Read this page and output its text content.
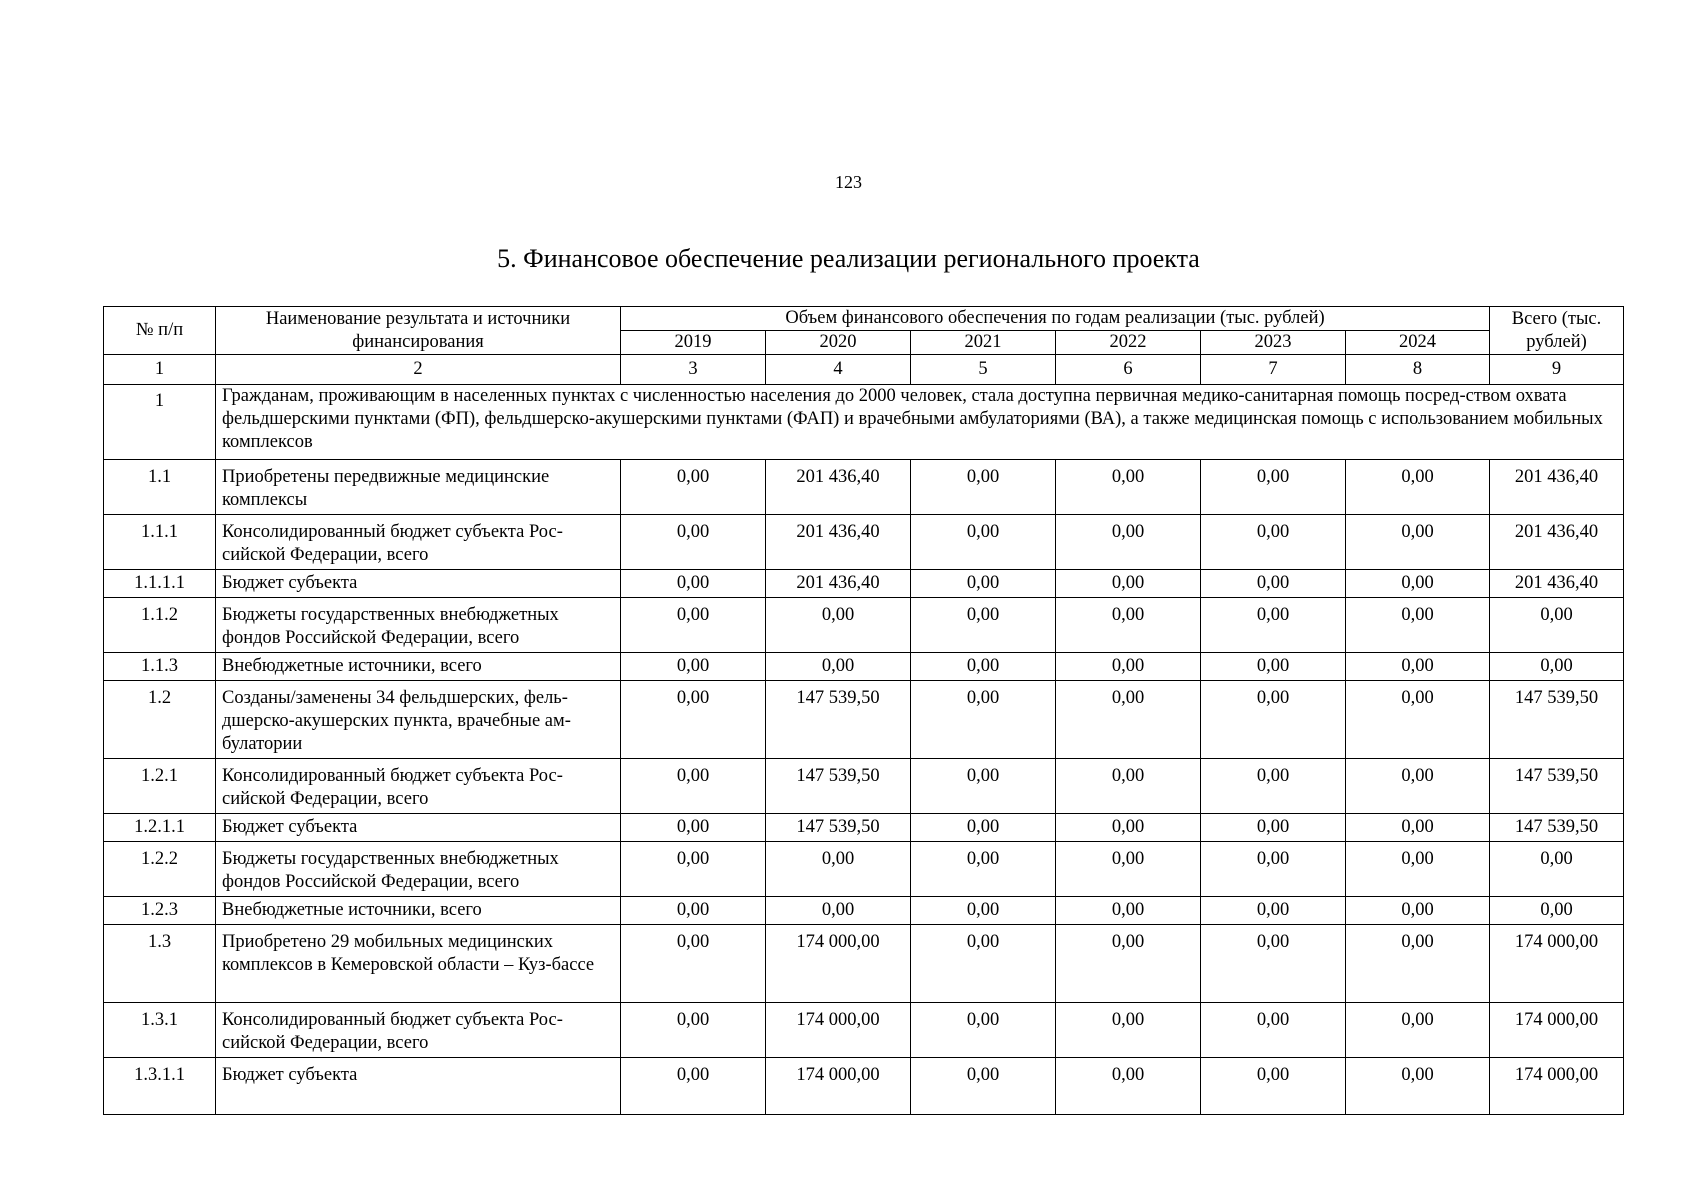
123
5. Финансовое обеспечение реализации регионального проекта
№ п/п	Наименование результата и источники финансирования	Объем финансового обеспечения по годам реализации (тыс. рублей)						Всего (тыс. рублей)
		2019	2020	2021	2022	2023	2024	
1	2	3	4	5	6	7	8	9
1	Гражданам, проживающим в населенных пунктах с численностью населения до 2000 человек, стала доступна первичная медико-санитарная помощь посред-ством охвата фельдшерскими пунктами (ФП), фельдшерско-акушерскими пунктами (ФАП) и врачебными амбулаториями (ВА), а также медицинская помощь с использованием мобильных комплексов							
1.1	Приобретены передвижные медицинские комплексы	0,00	201 436,40	0,00	0,00	0,00	0,00	201 436,40
1.1.1	Консолидированный бюджет субъекта Рос-сийской Федерации, всего	0,00	201 436,40	0,00	0,00	0,00	0,00	201 436,40
1.1.1.1	Бюджет субъекта	0,00	201 436,40	0,00	0,00	0,00	0,00	201 436,40
1.1.2	Бюджеты государственных внебюджетных фондов Российской Федерации, всего	0,00	0,00	0,00	0,00	0,00	0,00	0,00
1.1.3	Внебюджетные источники, всего	0,00	0,00	0,00	0,00	0,00	0,00	0,00
1.2	Созданы/заменены 34 фельдшерских, фель-дшерско-акушерских пункта, врачебные ам-булатории	0,00	147 539,50	0,00	0,00	0,00	0,00	147 539,50
1.2.1	Консолидированный бюджет субъекта Рос-сийской Федерации, всего	0,00	147 539,50	0,00	0,00	0,00	0,00	147 539,50
1.2.1.1	Бюджет субъекта	0,00	147 539,50	0,00	0,00	0,00	0,00	147 539,50
1.2.2	Бюджеты государственных внебюджетных фондов Российской Федерации, всего	0,00	0,00	0,00	0,00	0,00	0,00	0,00
1.2.3	Внебюджетные источники, всего	0,00	0,00	0,00	0,00	0,00	0,00	0,00
1.3	Приобретено 29 мобильных медицинских комплексов в Кемеровской области – Куз-бассе	0,00	174 000,00	0,00	0,00	0,00	0,00	174 000,00
1.3.1	Консолидированный бюджет субъекта Рос-сийской Федерации, всего	0,00	174 000,00	0,00	0,00	0,00	0,00	174 000,00
1.3.1.1	Бюджет субъекта	0,00	174 000,00	0,00	0,00	0,00	0,00	174 000,00
